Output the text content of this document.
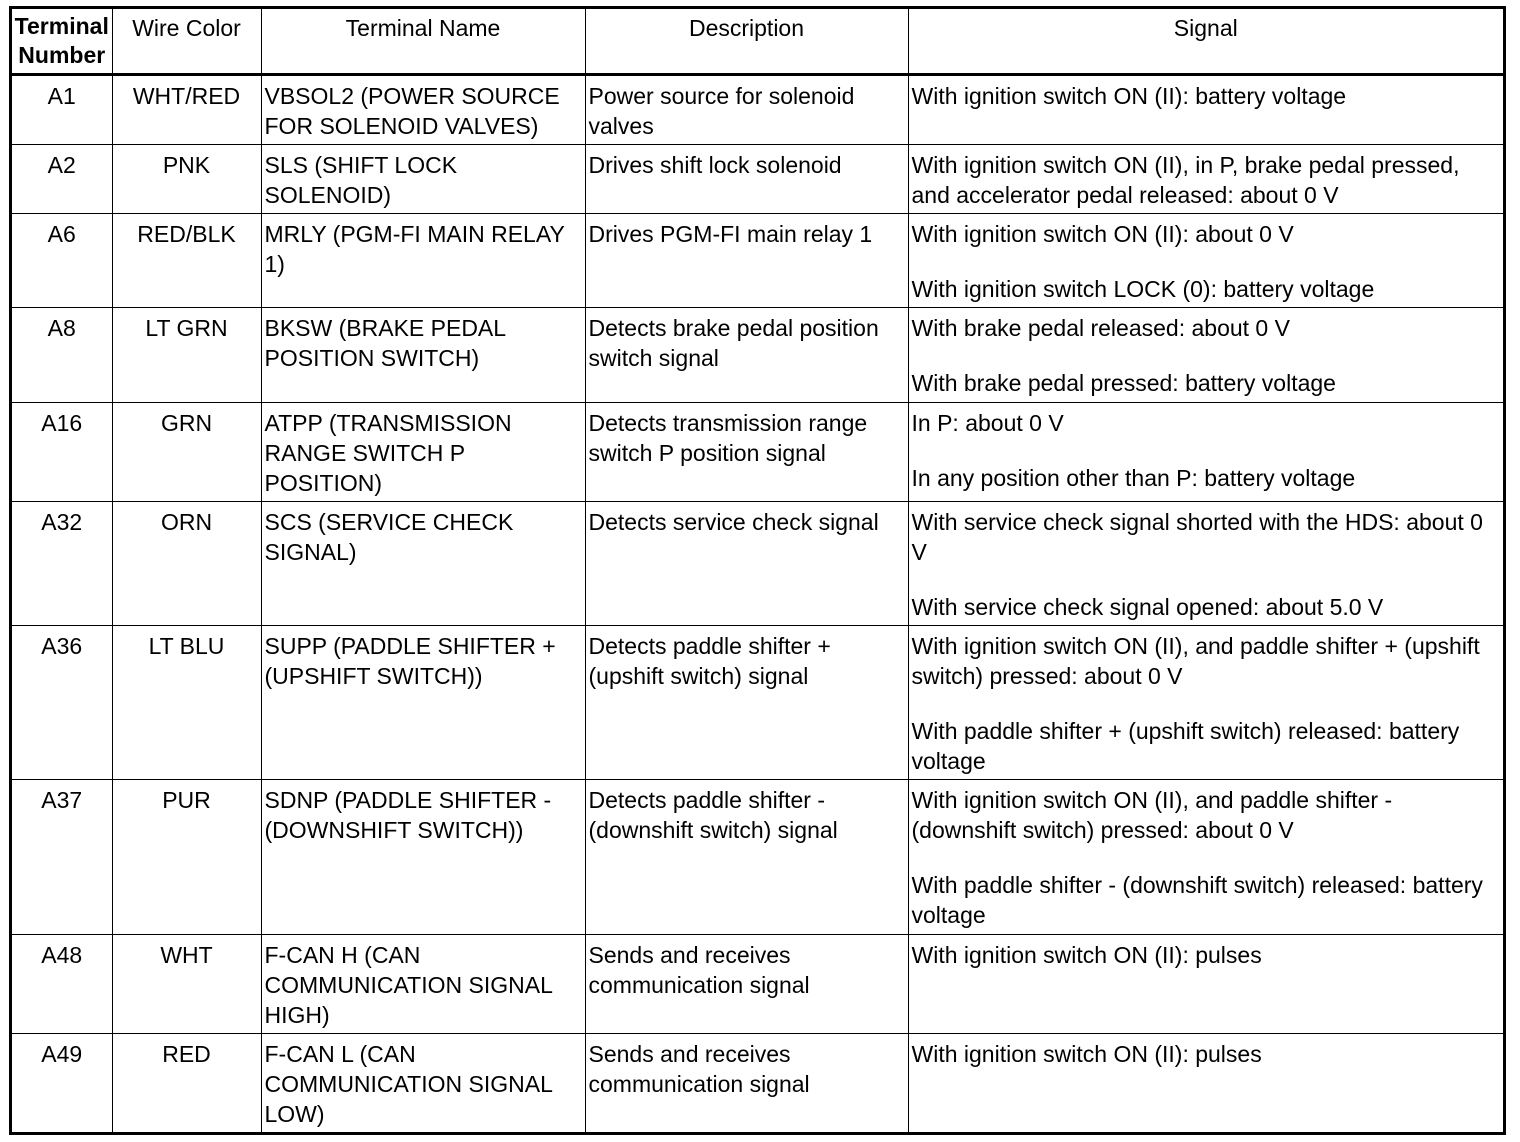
Terminal
Number	Wire Color	Terminal Name	Description	Signal
A1	WHT/RED	VBSOL2 (POWER SOURCE FOR SOLENOID VALVES)	Power source for solenoid valves	With ignition switch ON (II): battery voltage

A2	PNK	SLS (SHIFT LOCK SOLENOID)	Drives shift lock solenoid	With ignition switch ON (II), in P, brake pedal pressed, and accelerator pedal released: about 0 V

A6	RED/BLK	MRLY (PGM-FI MAIN RELAY 1)	Drives PGM-FI main relay 1	With ignition switch ON (II): about 0 V
With ignition switch LOCK (0): battery voltage

A8	LT GRN	BKSW (BRAKE PEDAL POSITION SWITCH)	Detects brake pedal position switch signal	With brake pedal released: about 0 V
With brake pedal pressed: battery voltage

A16	GRN	ATPP (TRANSMISSION RANGE SWITCH P POSITION)	Detects transmission range switch P position signal	In P: about 0 V
In any position other than P: battery voltage

A32	ORN	SCS (SERVICE CHECK SIGNAL)	Detects service check signal	With service check signal shorted with the HDS: about 0 V
With service check signal opened: about 5.0 V

A36	LT BLU	SUPP (PADDLE SHIFTER + (UPSHIFT SWITCH))	Detects paddle shifter + (upshift switch) signal	With ignition switch ON (II), and paddle shifter + (upshift switch) pressed: about 0 V
With paddle shifter + (upshift switch) released: battery voltage

A37	PUR	SDNP (PADDLE SHIFTER - (DOWNSHIFT SWITCH))	Detects paddle shifter - (downshift switch) signal	With ignition switch ON (II), and paddle shifter - (downshift switch) pressed: about 0 V
With paddle shifter - (downshift switch) released: battery voltage

A48	WHT	F-CAN H (CAN COMMUNICATION SIGNAL HIGH)	Sends and receives communication signal	With ignition switch ON (II): pulses

A49	RED	F-CAN L (CAN COMMUNICATION SIGNAL LOW)	Sends and receives communication signal	With ignition switch ON (II): pulses
